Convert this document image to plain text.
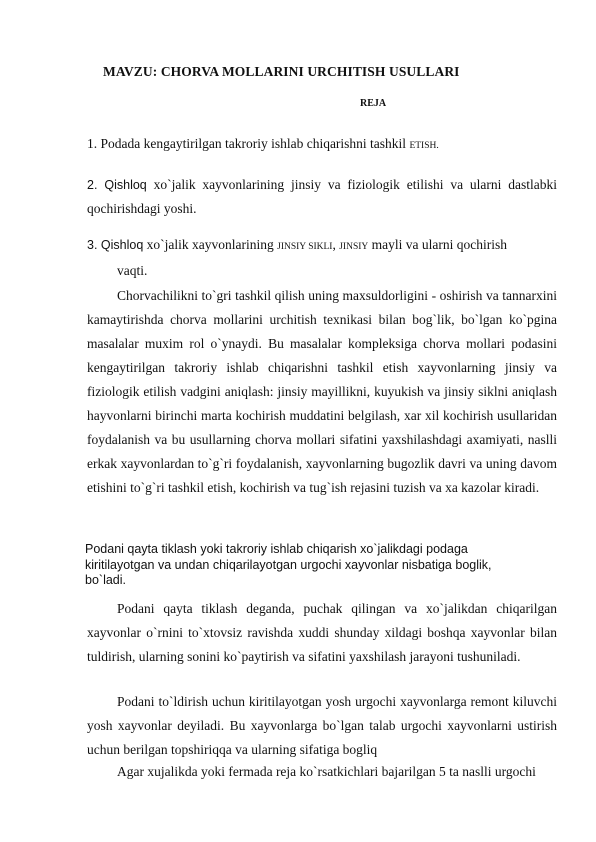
MAVZU: CHORVA MOLLARINI URCHITISH USULLARI
REJA
1. Podada kengaytirilgan takroriy ishlab chiqarishni tashkil ETISH.
2. Qishloq xo`jalik xayvonlarining jinsiy va fiziologik etilishi va ularni dastlabki qochirishdagi yoshi.
3. Qishloq xo`jalik xayvonlarining JINSIY SIKLI, JINSIY mayli va ularni qochirish
vaqti.

Chorvachilikni to`gri tashkil qilish uning maxsuldorligini - oshirish va tannarxini kamaytirishda chorva mollarini urchitish texnikasi bilan bog`lik, bo`lgan ko`pgina masalalar muxim rol o`ynaydi. Bu masalalar kompleksiga chorva mollari podasini kengaytirilgan takroriy ishlab chiqarishni tashkil etish xayvonlarning jinsiy va fiziologik etilish vadgini aniqlash: jinsiy mayillikni, kuyukish va jinsiy siklni aniqlash hayvonlarni birinchi marta kochirish muddatini belgilash, xar xil kochirish usullaridan foydalanish va bu usullarning chorva mollari sifatini yaxshilashdagi axamiyati, naslli erkak xayvonlardan to`g`ri foydalanish, xayvonlarning bugozlik davri va uning davom etishini to`g`ri tashkil etish, kochirish va tug`ish rejasini tuzish va xa kazolar kiradi.

Podani qayta tiklash yoki takroriy ishlab chiqarish xo`jalikdagi podaga kiritilayotgan va undan chiqarilayotgan urgochi xayvonlar nisbatiga boglik, bo`ladi.

Podani qayta tiklash deganda, puchak qilingan va xo`jalikdan chiqarilgan xayvonlar o`rnini to`xtovsiz ravishda xuddi shunday xildagi boshqa xayvonlar bilan tuldirish, ularning sonini ko`paytirish va sifatini yaxshilash jarayoni tushuniladi.

Podani to`ldirish uchun kiritilayotgan yosh urgochi xayvonlarga remont kiluvchi yosh xayvonlar deyiladi. Bu xayvonlarga bo`lgan talab urgochi xayvonlarni ustirish uchun berilgan topshiriqqa va ularning sifatiga bogliq

Agar xujalikda yoki fermada reja ko`rsatkichlari bajarilgan 5 ta naslli urgochi
